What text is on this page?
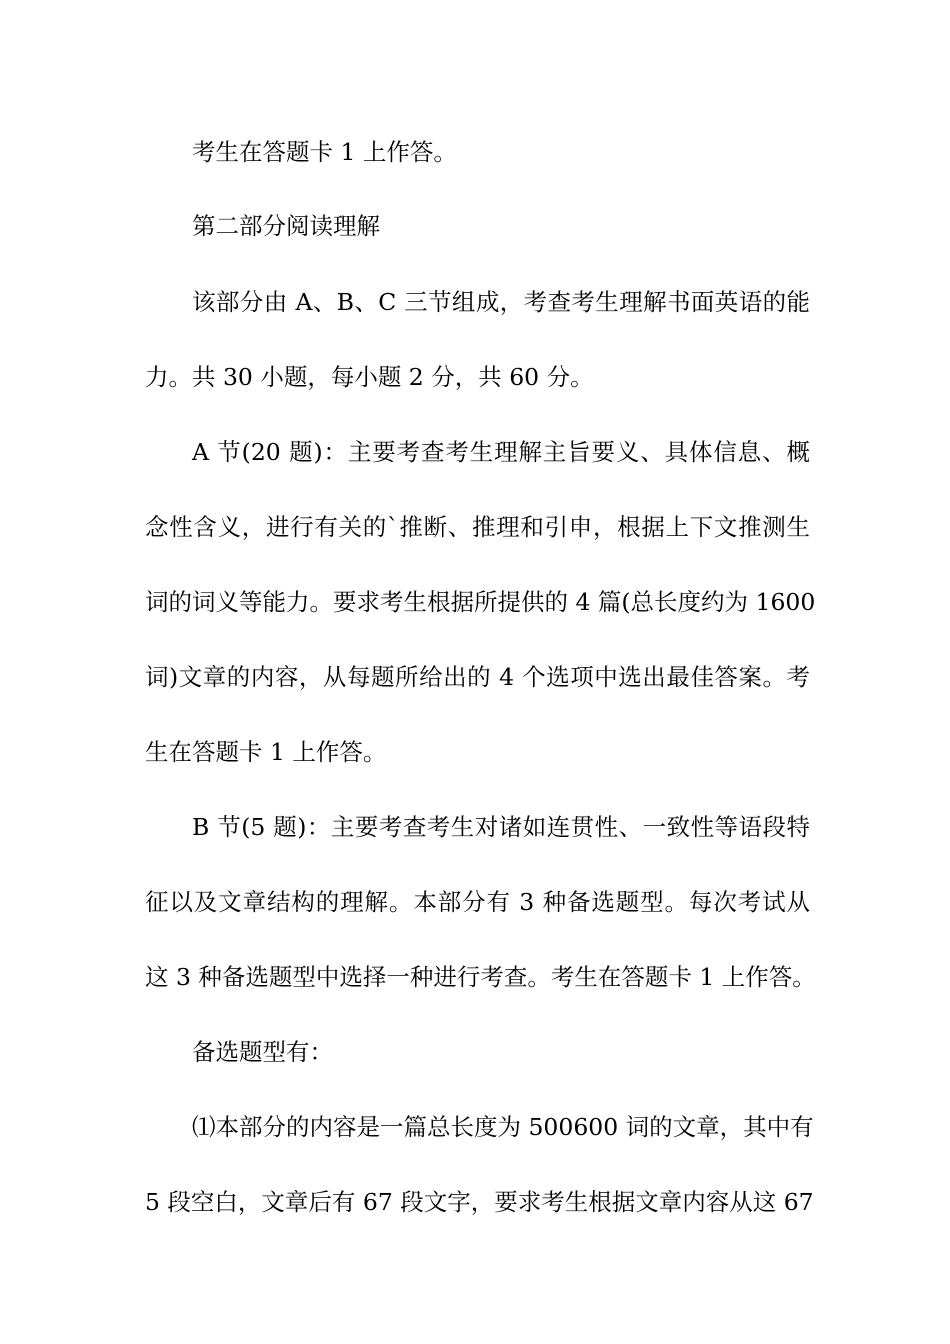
考生在答题卡 1 上作答。
第二部分阅读理解
该部分由 A、B、C 三节组成，考查考生理解书面英语的能
力。共 30 小题，每小题 2 分，共 60 分。
A 节(20 题)：主要考查考生理解主旨要义、具体信息、概
念性含义，进行有关的`推断、推理和引申，根据上下文推测生
词的词义等能力。要求考生根据所提供的 4 篇(总长度约为 1600
词)文章的内容，从每题所给出的 4 个选项中选出最佳答案。考
生在答题卡 1 上作答。
B 节(5 题)：主要考查考生对诸如连贯性、一致性等语段特
征以及文章结构的理解。本部分有 3 种备选题型。每次考试从
这 3 种备选题型中选择一种进行考查。考生在答题卡 1 上作答。
备选题型有：
⑴本部分的内容是一篇总长度为 500600 词的文章，其中有
5 段空白，文章后有 67 段文字，要求考生根据文章内容从这 67
